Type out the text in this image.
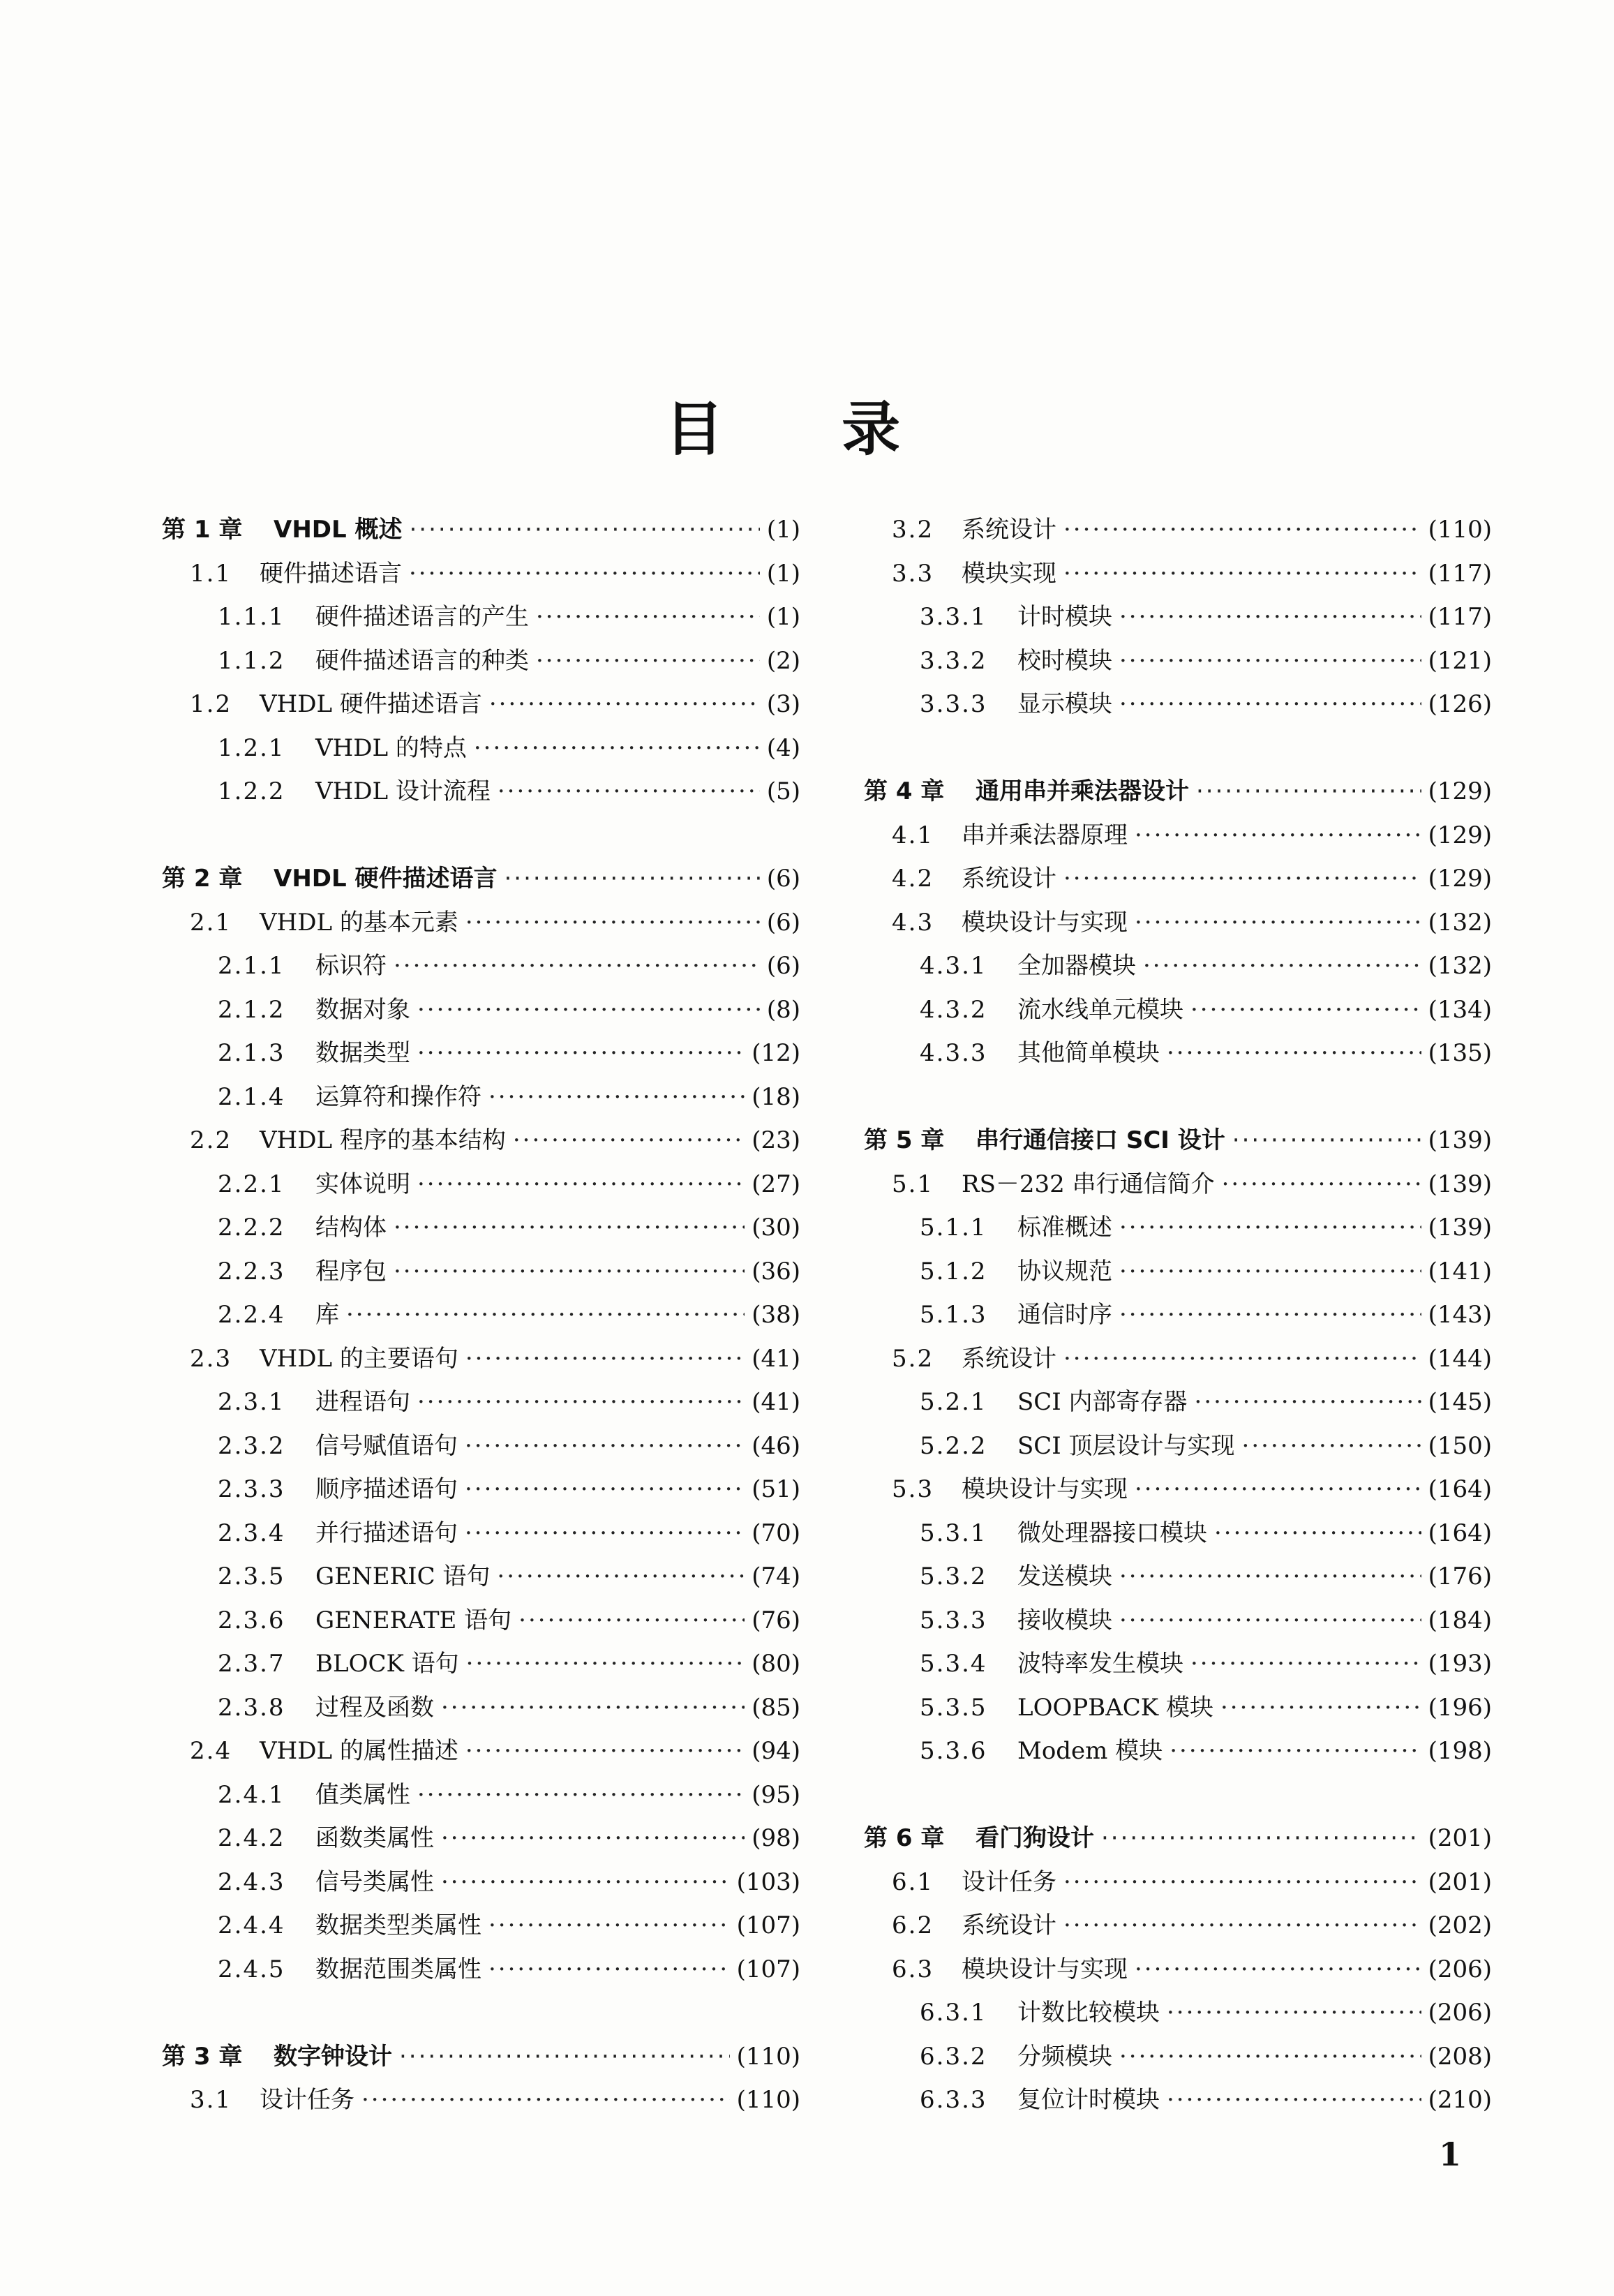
目 录
第 1 章	VHDL 概述 ·····	(1)
1.1	硬件描述语言 ·····	(1)
1.1.1	硬件描述语言的产生 ·····	(1)
1.1.2	硬件描述语言的种类 ·····	(2)
1.2	VHDL 硬件描述语言 ·····	(3)
1.2.1	VHDL 的特点 ·····	(4)
1.2.2	VHDL 设计流程 ·····	(5)
第 2 章	VHDL 硬件描述语言 ·····	(6)
2.1	VHDL 的基本元素 ·····	(6)
2.1.1	标识符 ·····	(6)
2.1.2	数据对象 ·····	(8)
2.1.3	数据类型 ·····	(12)
2.1.4	运算符和操作符 ·····	(18)
2.2	VHDL 程序的基本结构 ·····	(23)
2.2.1	实体说明 ·····	(27)
2.2.2	结构体 ·····	(30)
2.2.3	程序包 ·····	(36)
2.2.4	库 ·····	(38)
2.3	VHDL 的主要语句 ·····	(41)
2.3.1	进程语句 ·····	(41)
2.3.2	信号赋值语句 ·····	(46)
2.3.3	顺序描述语句 ·····	(51)
2.3.4	并行描述语句 ·····	(70)
2.3.5	GENERIC 语句 ·····	(74)
2.3.6	GENERATE 语句 ·····	(76)
2.3.7	BLOCK 语句 ·····	(80)
2.3.8	过程及函数 ·····	(85)
2.4	VHDL 的属性描述 ·····	(94)
2.4.1	值类属性 ·····	(95)
2.4.2	函数类属性 ·····	(98)
2.4.3	信号类属性 ·····	(103)
2.4.4	数据类型类属性 ·····	(107)
2.4.5	数据范围类属性 ·····	(107)
第 3 章	数字钟设计 ·····	(110)
3.1	设计任务 ·····	(110)
3.2	系统设计 ·····	(110)
3.3	模块实现 ·····	(117)
3.3.1	计时模块 ·····	(117)
3.3.2	校时模块 ·····	(121)
3.3.3	显示模块 ·····	(126)
第 4 章	通用串并乘法器设计 ·····	(129)
4.1	串并乘法器原理 ·····	(129)
4.2	系统设计 ·····	(129)
4.3	模块设计与实现 ·····	(132)
4.3.1	全加器模块 ·····	(132)
4.3.2	流水线单元模块 ·····	(134)
4.3.3	其他简单模块 ·····	(135)
第 5 章	串行通信接口 SCI 设计 ·····	(139)
5.1	RS－232 串行通信简介 ·····	(139)
5.1.1	标准概述 ·····	(139)
5.1.2	协议规范 ·····	(141)
5.1.3	通信时序 ·····	(143)
5.2	系统设计 ·····	(144)
5.2.1	SCI 内部寄存器 ·····	(145)
5.2.2	SCI 顶层设计与实现 ·····	(150)
5.3	模块设计与实现 ·····	(164)
5.3.1	微处理器接口模块 ·····	(164)
5.3.2	发送模块 ·····	(176)
5.3.3	接收模块 ·····	(184)
5.3.4	波特率发生模块 ·····	(193)
5.3.5	LOOPBACK 模块 ·····	(196)
5.3.6	Modem 模块 ·····	(198)
第 6 章	看门狗设计 ·····	(201)
6.1	设计任务 ·····	(201)
6.2	系统设计 ·····	(202)
6.3	模块设计与实现 ·····	(206)
6.3.1	计数比较模块 ·····	(206)
6.3.2	分频模块 ·····	(208)
6.3.3	复位计时模块 ·····	(210)
1
